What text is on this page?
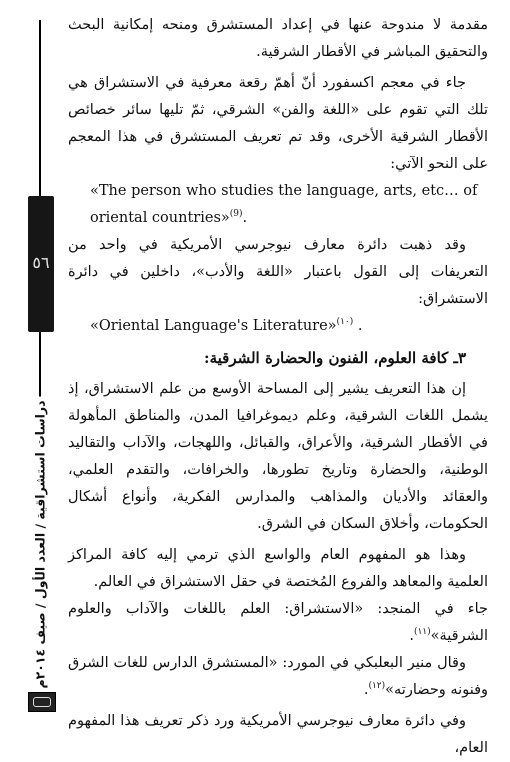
٥٦
دراسات استشراقية / العدد الأول / صيف ٢٠١٤م

مقدمة لا مندوحة عنها في إعداد المستشرق ومنحه إمكانية البحث والتحقيق المباشر في الأقطار الشرقية.

جاء في معجم اكسفورد أنّ أهمّ رقعة معرفية في الاستشراق هي تلك التي تقوم على «اللغة والفن» الشرقي، ثمّ تليها سائر خصائص الأقطار الشرقية الأخرى، وقد تم تعريف المستشرق في هذا المعجم على النحو الآتي:

«The person who studies the language, arts, etc… of oriental countries»$^{(9)}$.

وقد ذهبت دائرة معارف نيوجرسي الأمريكية في واحد من التعريفات إلى القول باعتبار «اللغة والأدب»، داخلين في دائرة الاستشراق:

«Oriental Language's Literature»$^{(١٠)}$ .

٣ـ كافة العلوم، الفنون والحضارة الشرقية:

إن هذا التعريف يشير إلى المساحة الأوسع من علم الاستشراق، إذ يشمل اللغات الشرقية، وعلم ديموغرافيا المدن، والمناطق المأهولة في الأقطار الشرقية، والأعراق، والقبائل، واللهجات، والآداب والتقاليد الوطنية، والحضارة وتاريخ تطورها، والخرافات، والتقدم العلمي، والعقائد والأديان والمذاهب والمدارس الفكرية، وأنواع أشكال الحكومات، وأخلاق السكان في الشرق.

وهذا هو المفهوم العام والواسع الذي ترمي إليه كافة المراكز العلمية والمعاهد والفروع المُختصة في حقل الاستشراق في العالم.

جاء في المنجد: «الاستشراق: العلم باللغات والآداب والعلوم الشرقية»$^{(١١)}$.

وقال منير البعلبكي في المورد: «المستشرق الدارس للغات الشرق وفنونه وحضارته»$^{(١٢)}$.

وفي دائرة معارف نيوجرسي الأمريكية ورد ذكر تعريف هذا المفهوم العام،
